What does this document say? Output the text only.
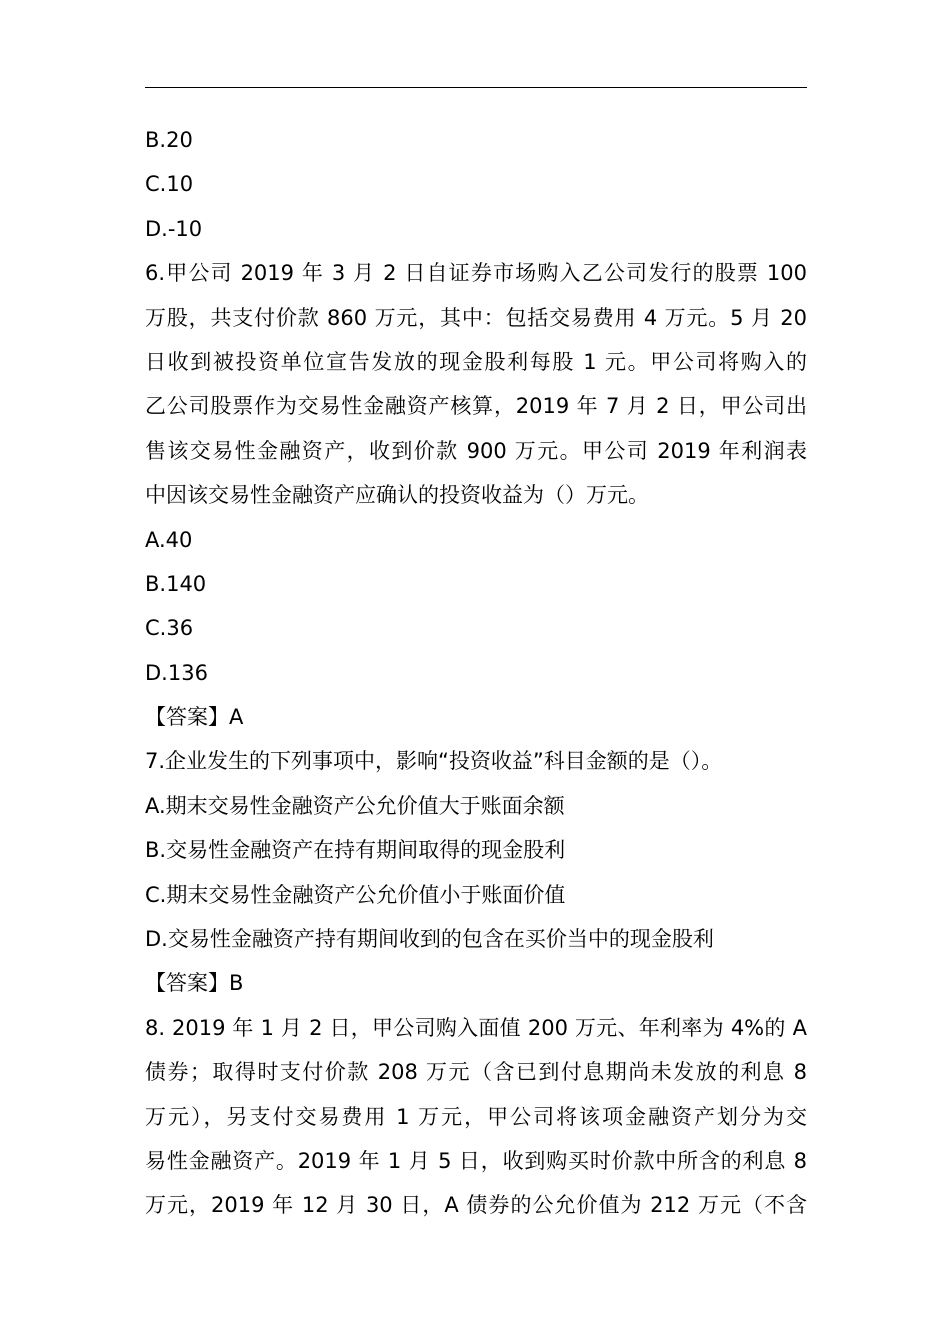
B.20
C.10
D.-10
6.甲公司 2019 年 3 月 2 日自证券市场购入乙公司发行的股票 100
万股，共支付价款 860 万元，其中：包括交易费用 4 万元。5 月 20
日收到被投资单位宣告发放的现金股利每股 1 元。甲公司将购入的
乙公司股票作为交易性金融资产核算，2019 年 7 月 2 日，甲公司出
售该交易性金融资产，收到价款 900 万元。甲公司 2019 年利润表
中因该交易性金融资产应确认的投资收益为（）万元。
A.40
B.140
C.36
D.136
【答案】A
7.企业发生的下列事项中，影响“投资收益”科目金额的是（）。
A.期末交易性金融资产公允价值大于账面余额
B.交易性金融资产在持有期间取得的现金股利
C.期末交易性金融资产公允价值小于账面价值
D.交易性金融资产持有期间收到的包含在买价当中的现金股利
【答案】B
8. 2019 年 1 月 2 日，甲公司购入面值 200 万元、年利率为 4%的 A
债券；取得时支付价款 208 万元（含已到付息期尚未发放的利息 8
万元），另支付交易费用 1 万元，甲公司将该项金融资产划分为交
易性金融资产。2019 年 1 月 5 日，收到购买时价款中所含的利息 8
万元，2019 年 12 月 30 日，A 债券的公允价值为 212 万元（不含
